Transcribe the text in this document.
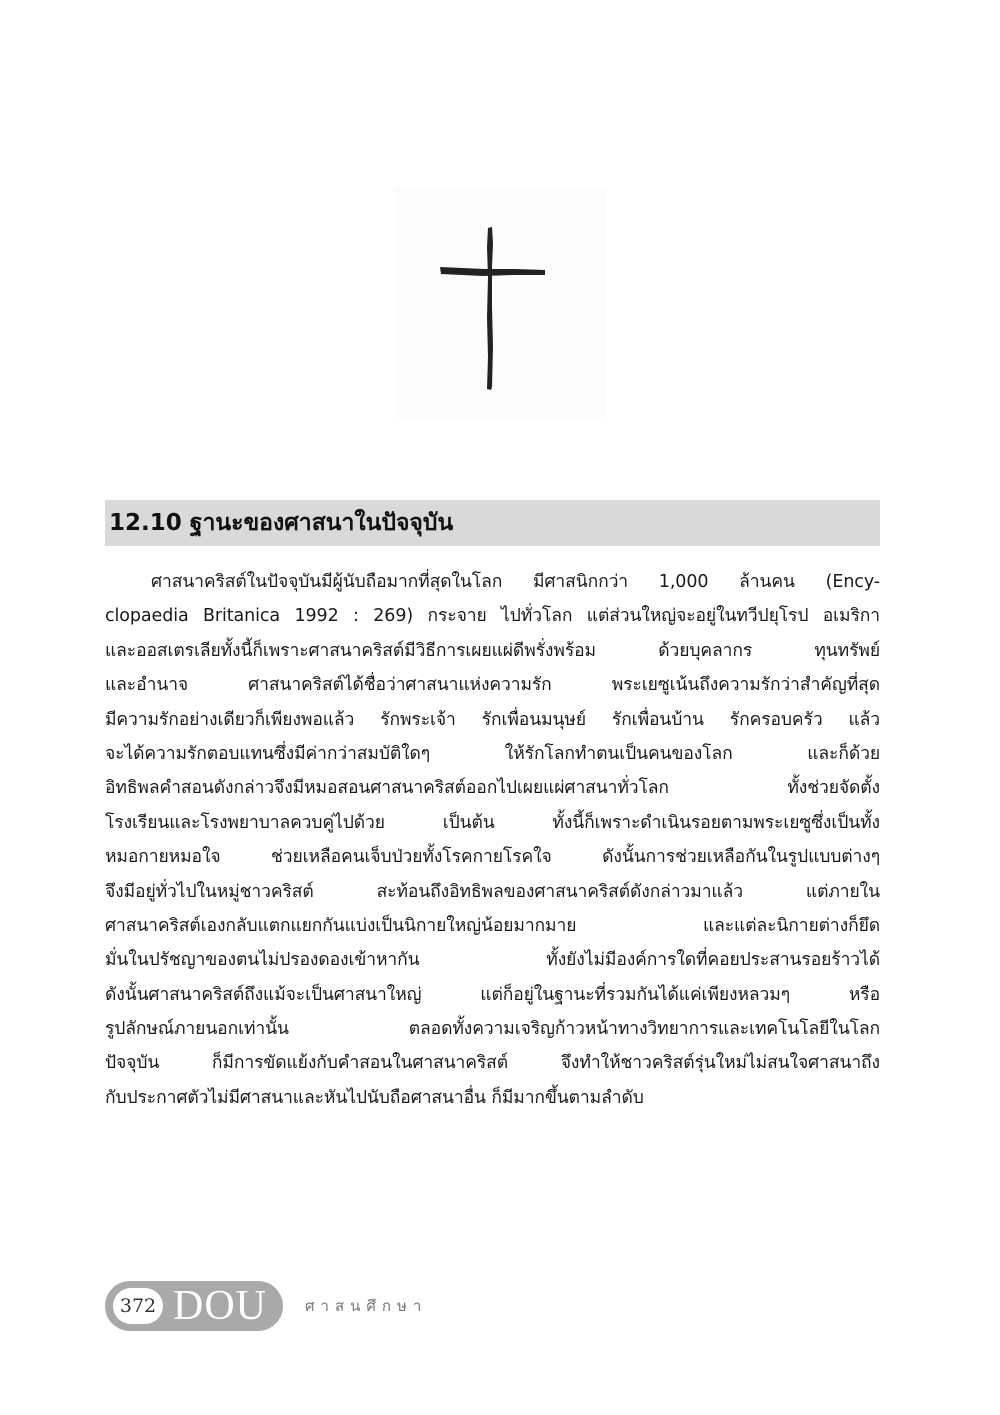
12.10 ฐานะของศาสนาในปัจจุบัน
ศาสนาคริสต์ในปัจจุบันมีผู้นับถือมากที่สุดในโลก มีศาสนิกกว่า 1,000 ล้านคน (Ency-
clopaedia Britanica 1992 : 269) กระจาย ไปทั่วโลก แต่ส่วนใหญ่จะอยู่ในทวีปยุโรป อเมริกา
และออสเตรเลียทั้งนี้ก็เพราะศาสนาคริสต์มีวิธีการเผยแผ่ดีพรั่งพร้อม ด้วยบุคลากร ทุนทรัพย์
และอำนาจ ศาสนาคริสต์ได้ชื่อว่าศาสนาแห่งความรัก พระเยซูเน้นถึงความรักว่าสำคัญที่สุด
มีความรักอย่างเดียวก็เพียงพอแล้ว รักพระเจ้า รักเพื่อนมนุษย์ รักเพื่อนบ้าน รักครอบครัว แล้ว
จะได้ความรักตอบแทนซึ่งมีค่ากว่าสมบัติใดๆ ให้รักโลกทำตนเป็นคนของโลก และก็ด้วย
อิทธิพลคำสอนดังกล่าวจึงมีหมอสอนศาสนาคริสต์ออกไปเผยแผ่ศาสนาทั่วโลก ทั้งช่วยจัดตั้ง
โรงเรียนและโรงพยาบาลควบคู่ไปด้วย เป็นต้น ทั้งนี้ก็เพราะดำเนินรอยตามพระเยซูซึ่งเป็นทั้ง
หมอกายหมอใจ ช่วยเหลือคนเจ็บป่วยทั้งโรคกายโรคใจ ดังนั้นการช่วยเหลือกันในรูปแบบต่างๆ
จึงมีอยู่ทั่วไปในหมู่ชาวคริสต์ สะท้อนถึงอิทธิพลของศาสนาคริสต์ดังกล่าวมาแล้ว แต่ภายใน
ศาสนาคริสต์เองกลับแตกแยกกันแบ่งเป็นนิกายใหญ่น้อยมากมาย และแต่ละนิกายต่างก็ยึด
มั่นในปรัชญาของตนไม่ปรองดองเข้าหากัน ทั้งยังไม่มีองค์การใดที่คอยประสานรอยร้าวได้
ดังนั้นศาสนาคริสต์ถึงแม้จะเป็นศาสนาใหญ่ แต่ก็อยู่ในฐานะที่รวมกันได้แค่เพียงหลวมๆ หรือ
รูปลักษณ์ภายนอกเท่านั้น ตลอดทั้งความเจริญก้าวหน้าทางวิทยาการและเทคโนโลยีในโลก
ปัจจุบัน ก็มีการขัดแย้งกับคำสอนในศาสนาคริสต์ จึงทำให้ชาวคริสต์รุ่นใหม่ไม่สนใจศาสนาถึง
กับประกาศตัวไม่มีศาสนาและหันไปนับถือศาสนาอื่น ก็มีมากขึ้นตามลำดับ
372 DOU	ศาสนศึกษา
